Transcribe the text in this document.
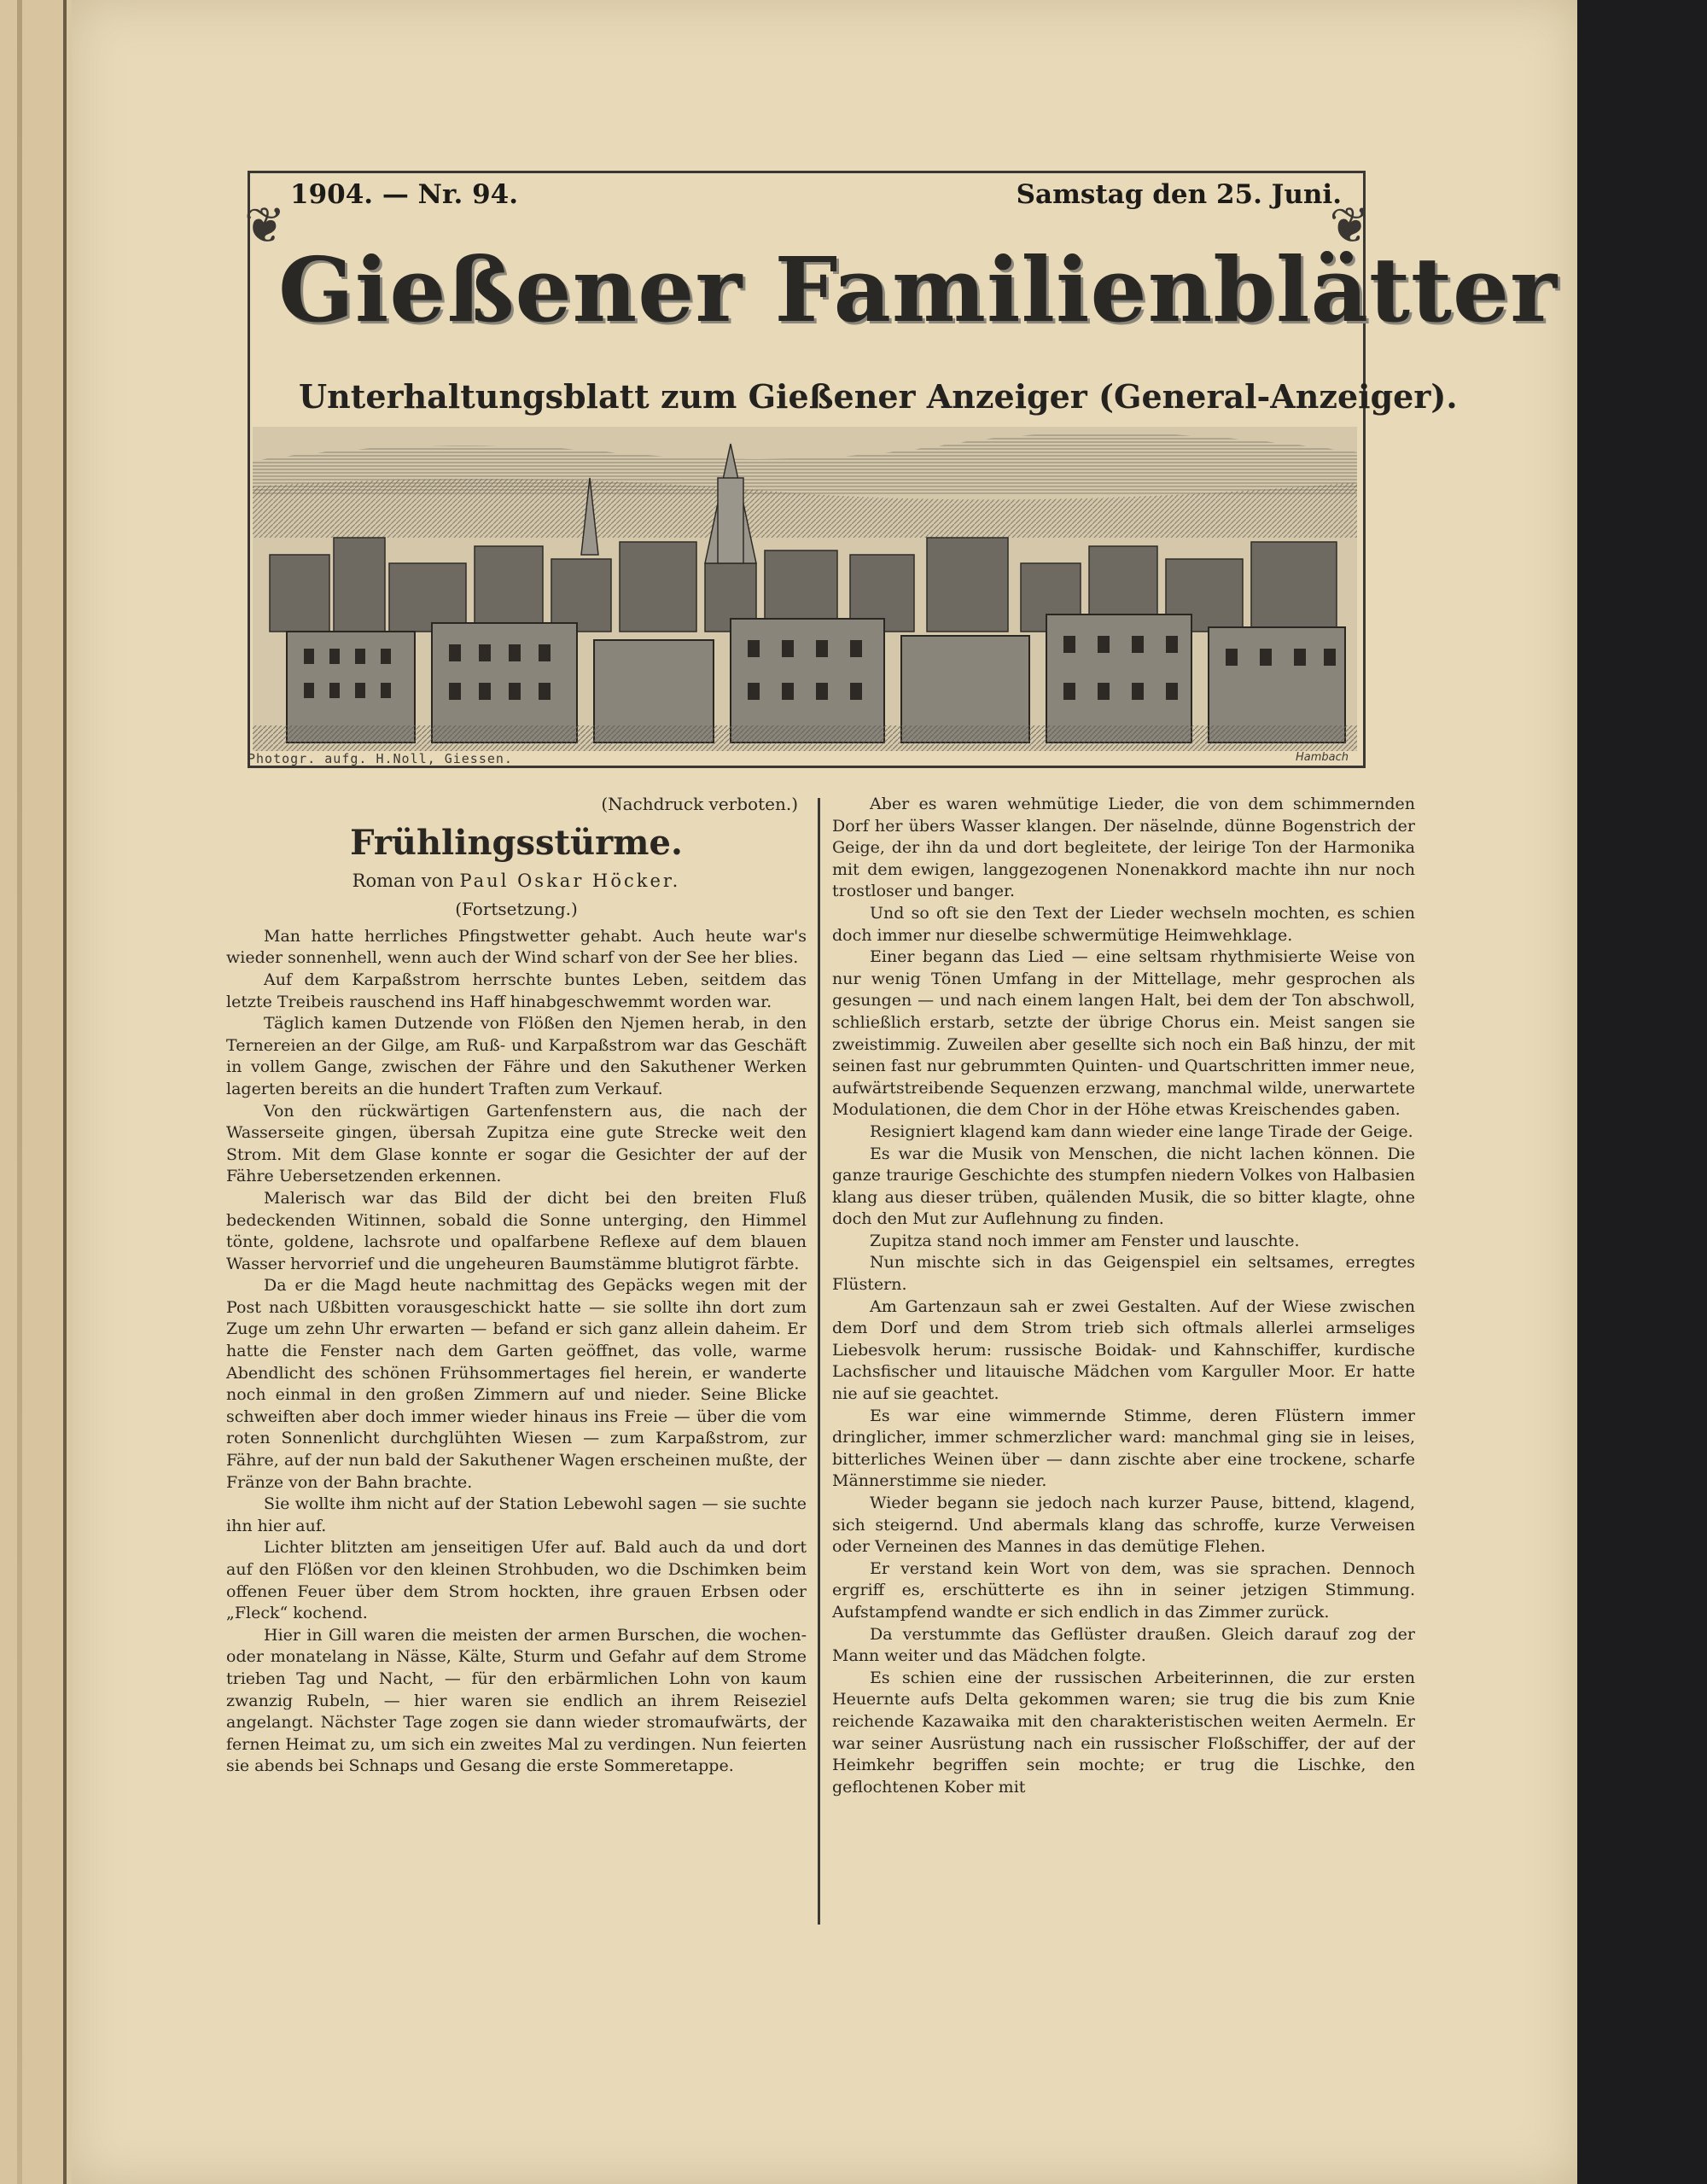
❦	❦
1904. — Nr. 94.	Samstag den 25. Juni.
Gießener Familienblätter
Unterhaltungsblatt zum Gießener Anzeiger (General-Anzeiger).
Photogr. aufg. H.Noll, Giessen.	Hambach
(Nachdruck verboten.)
Frühlingsstürme.
Roman von Paul Oskar Höcker.
(Fortsetzung.)

Man hatte herrliches Pfingstwetter gehabt. Auch heute war's wieder sonnenhell, wenn auch der Wind scharf von der See her blies.

Auf dem Karpaßstrom herrschte buntes Leben, seitdem das letzte Treibeis rauschend ins Haff hinabgeschwemmt worden war.

Täglich kamen Dutzende von Flößen den Njemen herab, in den Ternereien an der Gilge, am Ruß- und Karpaßstrom war das Geschäft in vollem Gange, zwischen der Fähre und den Sakuthener Werken lagerten bereits an die hundert Traften zum Verkauf.

Von den rückwärtigen Gartenfenstern aus, die nach der Wasserseite gingen, übersah Zupitza eine gute Strecke weit den Strom. Mit dem Glase konnte er sogar die Gesichter der auf der Fähre Uebersetzenden erkennen.

Malerisch war das Bild der dicht bei den breiten Fluß bedeckenden Witinnen, sobald die Sonne unterging, den Himmel tönte, goldene, lachsrote und opalfarbene Reflexe auf dem blauen Wasser hervorrief und die ungeheuren Baumstämme blutigrot färbte.

Da er die Magd heute nachmittag des Gepäcks wegen mit der Post nach Ußbitten vorausgeschickt hatte — sie sollte ihn dort zum Zuge um zehn Uhr erwarten — befand er sich ganz allein daheim. Er hatte die Fenster nach dem Garten geöffnet, das volle, warme Abendlicht des schönen Frühsommertages fiel herein, er wanderte noch einmal in den großen Zimmern auf und nieder. Seine Blicke schweiften aber doch immer wieder hinaus ins Freie — über die vom roten Sonnenlicht durchglühten Wiesen — zum Karpaßstrom, zur Fähre, auf der nun bald der Sakuthener Wagen erscheinen mußte, der Fränze von der Bahn brachte.

Sie wollte ihm nicht auf der Station Lebewohl sagen — sie suchte ihn hier auf.

Lichter blitzten am jenseitigen Ufer auf. Bald auch da und dort auf den Flößen vor den kleinen Strohbuden, wo die Dschimken beim offenen Feuer über dem Strom hockten, ihre grauen Erbsen oder „Fleck“ kochend.

Hier in Gill waren die meisten der armen Burschen, die wochen- oder monatelang in Nässe, Kälte, Sturm und Gefahr auf dem Strome trieben Tag und Nacht, — für den erbärmlichen Lohn von kaum zwanzig Rubeln, — hier waren sie endlich an ihrem Reiseziel angelangt. Nächster Tage zogen sie dann wieder stromaufwärts, der fernen Heimat zu, um sich ein zweites Mal zu verdingen. Nun feierten sie abends bei Schnaps und Gesang die erste Sommeretappe.

Aber es waren wehmütige Lieder, die von dem schimmernden Dorf her übers Wasser klangen. Der näselnde, dünne Bogenstrich der Geige, der ihn da und dort begleitete, der leirige Ton der Harmonika mit dem ewigen, langgezogenen Nonenakkord machte ihn nur noch trostloser und banger.

Und so oft sie den Text der Lieder wechseln mochten, es schien doch immer nur dieselbe schwermütige Heimwehklage.

Einer begann das Lied — eine seltsam rhythmisierte Weise von nur wenig Tönen Umfang in der Mittellage, mehr gesprochen als gesungen — und nach einem langen Halt, bei dem der Ton abschwoll, schließlich erstarb, setzte der übrige Chorus ein. Meist sangen sie zweistimmig. Zuweilen aber gesellte sich noch ein Baß hinzu, der mit seinen fast nur gebrummten Quinten- und Quartschritten immer neue, aufwärtstreibende Sequenzen erzwang, manchmal wilde, unerwartete Modulationen, die dem Chor in der Höhe etwas Kreischendes gaben.

Resigniert klagend kam dann wieder eine lange Tirade der Geige.

Es war die Musik von Menschen, die nicht lachen können. Die ganze traurige Geschichte des stumpfen niedern Volkes von Halbasien klang aus dieser trüben, quälenden Musik, die so bitter klagte, ohne doch den Mut zur Auflehnung zu finden.

Zupitza stand noch immer am Fenster und lauschte.

Nun mischte sich in das Geigenspiel ein seltsames, erregtes Flüstern.

Am Gartenzaun sah er zwei Gestalten. Auf der Wiese zwischen dem Dorf und dem Strom trieb sich oftmals allerlei armseliges Liebesvolk herum: russische Boidak- und Kahnschiffer, kurdische Lachsfischer und litauische Mädchen vom Karguller Moor. Er hatte nie auf sie geachtet.

Es war eine wimmernde Stimme, deren Flüstern immer dringlicher, immer schmerzlicher ward: manchmal ging sie in leises, bitterliches Weinen über — dann zischte aber eine trockene, scharfe Männerstimme sie nieder.

Wieder begann sie jedoch nach kurzer Pause, bittend, klagend, sich steigernd. Und abermals klang das schroffe, kurze Verweisen oder Verneinen des Mannes in das demütige Flehen.

Er verstand kein Wort von dem, was sie sprachen. Dennoch ergriff es, erschütterte es ihn in seiner jetzigen Stimmung. Aufstampfend wandte er sich endlich in das Zimmer zurück.

Da verstummte das Geflüster draußen. Gleich darauf zog der Mann weiter und das Mädchen folgte.

Es schien eine der russischen Arbeiterinnen, die zur ersten Heuernte aufs Delta gekommen waren; sie trug die bis zum Knie reichende Kazawaika mit den charakteristischen weiten Aermeln. Er war seiner Ausrüstung nach ein russischer Floßschiffer, der auf der Heimkehr begriffen sein mochte; er trug die Lischke, den geflochtenen Kober mit
